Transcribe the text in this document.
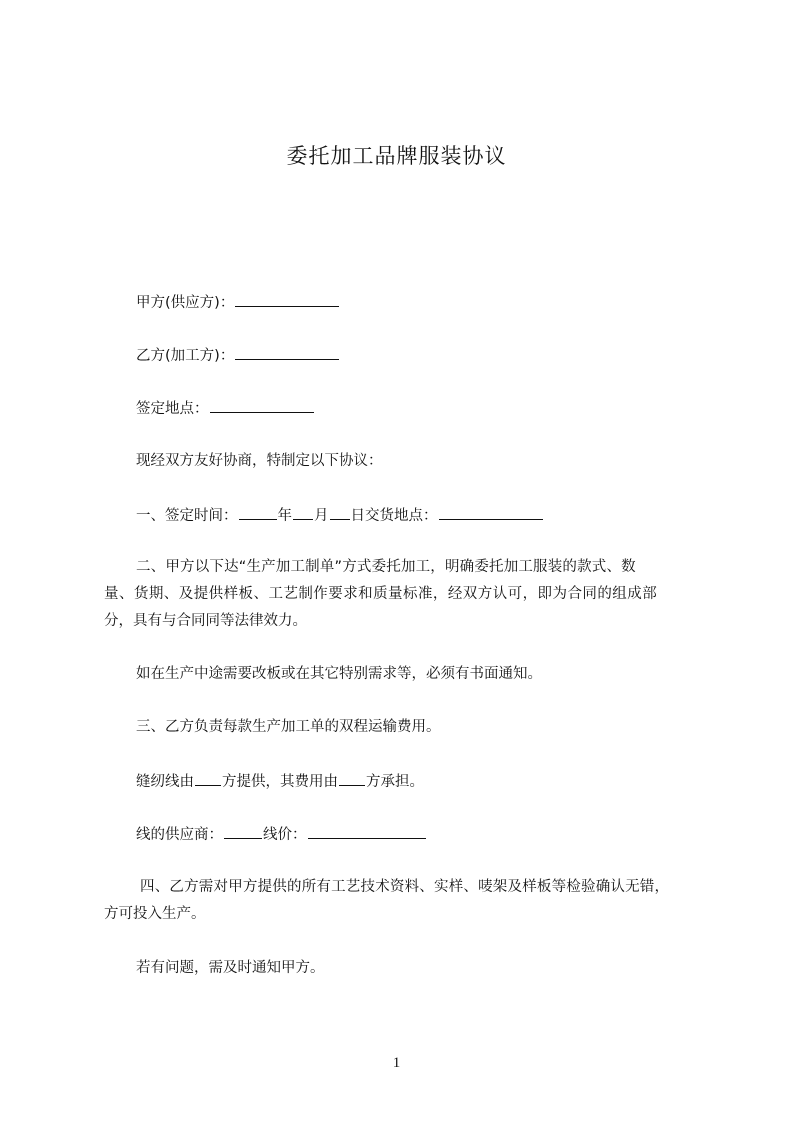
委托加工品牌服装协议
甲方(供应方)：
乙方(加工方)：
签定地点：
现经双方友好协商，特制定以下协议：
一、签定时间：	年 月 日交货地点：
二、甲方以下达“生产加工制单”方式委托加工，明确委托加工服装的款式、数
量、货期、及提供样板、工艺制作要求和质量标准，经双方认可，即为合同的组成部
分，具有与合同同等法律效力。
如在生产中途需要改板或在其它特别需求等，必须有书面通知。
三、乙方负责每款生产加工单的双程运输费用。
缝纫线由 方提供，其费用由 方承担。
线的供应商：	线价：
四、乙方需对甲方提供的所有工艺技术资料、实样、唛架及样板等检验确认无错，
方可投入生产。
若有问题，需及时通知甲方。
1
